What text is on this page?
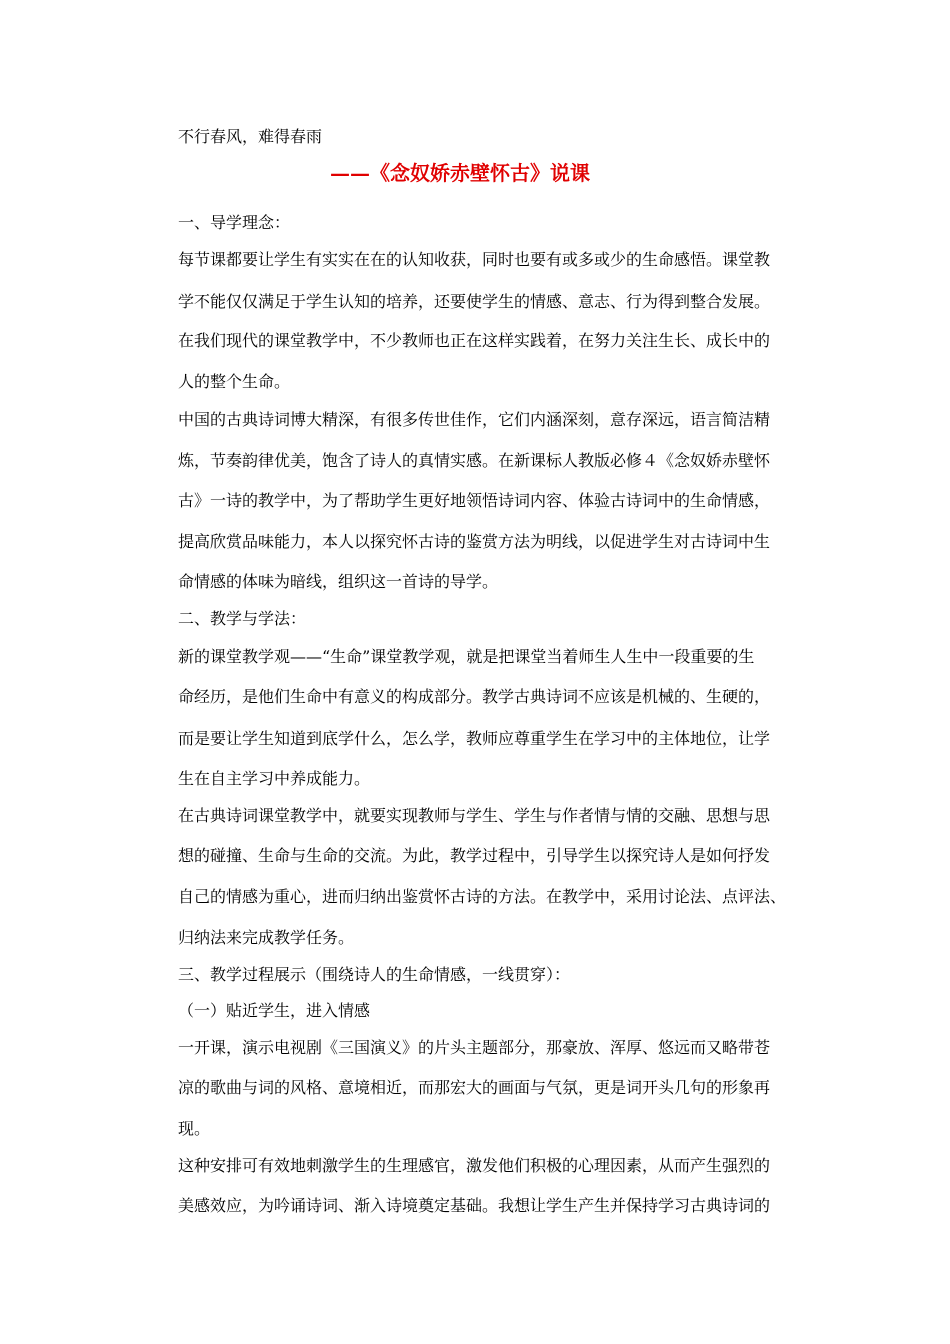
不行春风，难得春雨
——《念奴娇赤壁怀古》说课
一、导学理念：
每节课都要让学生有实实在在的认知收获，同时也要有或多或少的生命感悟。课堂教
学不能仅仅满足于学生认知的培养，还要使学生的情感、意志、行为得到整合发展。
在我们现代的课堂教学中，不少教师也正在这样实践着，在努力关注生长、成长中的
人的整个生命。
中国的古典诗词博大精深，有很多传世佳作，它们内涵深刻，意存深远，语言简洁精
炼，节奏韵律优美，饱含了诗人的真情实感。在新课标人教版必修４《念奴娇赤壁怀
古》一诗的教学中，为了帮助学生更好地领悟诗词内容、体验古诗词中的生命情感，
提高欣赏品味能力，本人以探究怀古诗的鉴赏方法为明线，以促进学生对古诗词中生
命情感的体味为暗线，组织这一首诗的导学。
二、教学与学法：
新的课堂教学观——“生命”课堂教学观，就是把课堂当着师生人生中一段重要的生
命经历，是他们生命中有意义的构成部分。教学古典诗词不应该是机械的、生硬的，
而是要让学生知道到底学什么，怎么学，教师应尊重学生在学习中的主体地位，让学
生在自主学习中养成能力。
在古典诗词课堂教学中，就要实现教师与学生、学生与作者情与情的交融、思想与思
想的碰撞、生命与生命的交流。为此，教学过程中，引导学生以探究诗人是如何抒发
自己的情感为重心，进而归纳出鉴赏怀古诗的方法。在教学中，采用讨论法、点评法、
归纳法来完成教学任务。
三、教学过程展示（围绕诗人的生命情感，一线贯穿）：
（一）贴近学生，进入情感
一开课，演示电视剧《三国演义》的片头主题部分，那豪放、浑厚、悠远而又略带苍
凉的歌曲与词的风格、意境相近，而那宏大的画面与气氛，更是词开头几句的形象再
现。
这种安排可有效地刺激学生的生理感官，激发他们积极的心理因素，从而产生强烈的
美感效应，为吟诵诗词、渐入诗境奠定基础。我想让学生产生并保持学习古典诗词的
